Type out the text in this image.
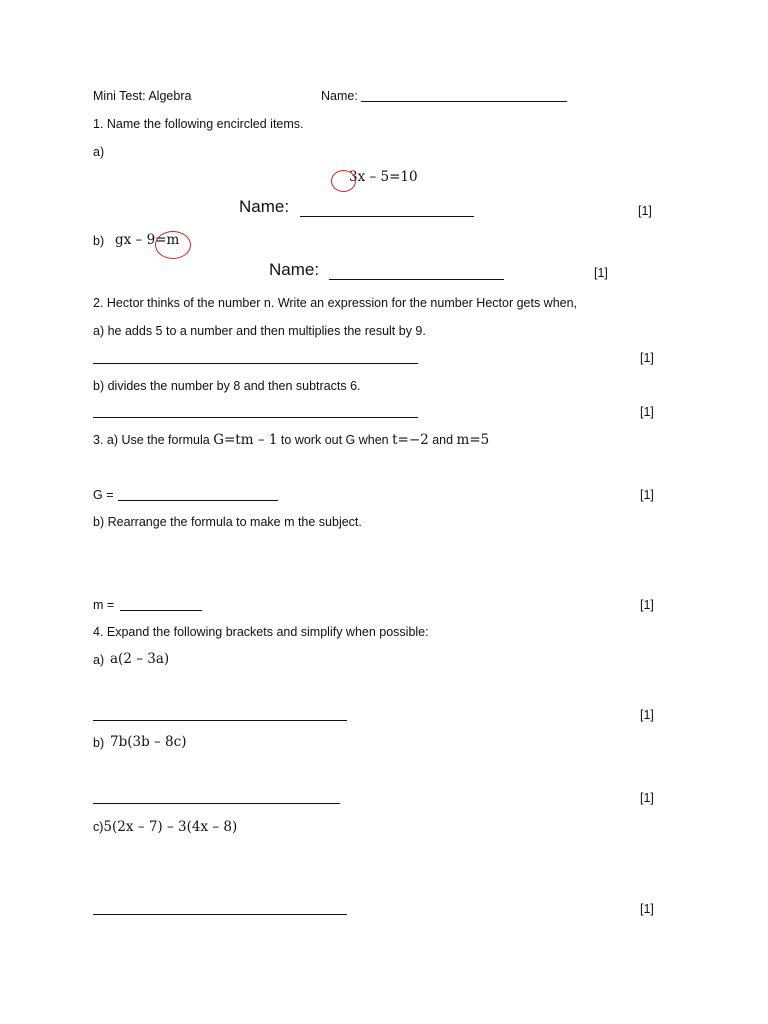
Mini Test: Algebra	Name:
1. Name the following encircled items.
a)
3x – 5=10
Name:	[1]
b) gx – 9=m
Name:	[1]
2. Hector thinks of the number n. Write an expression for the number Hector gets when,
a) he adds 5 to a number and then multiplies the result by 9.
[1]
b) divides the number by 8 and then subtracts 6.
[1]
3. a) Use the formula G=tm – 1 to work out G when t=−2 and m=5
G =	[1]
b) Rearrange the formula to make m the subject.
m =	[1]
4. Expand the following brackets and simplify when possible:
a) a(2 – 3a)
[1]
b) 7b(3b – 8c)
[1]
c)5(2x – 7) – 3(4x – 8)
[1]
